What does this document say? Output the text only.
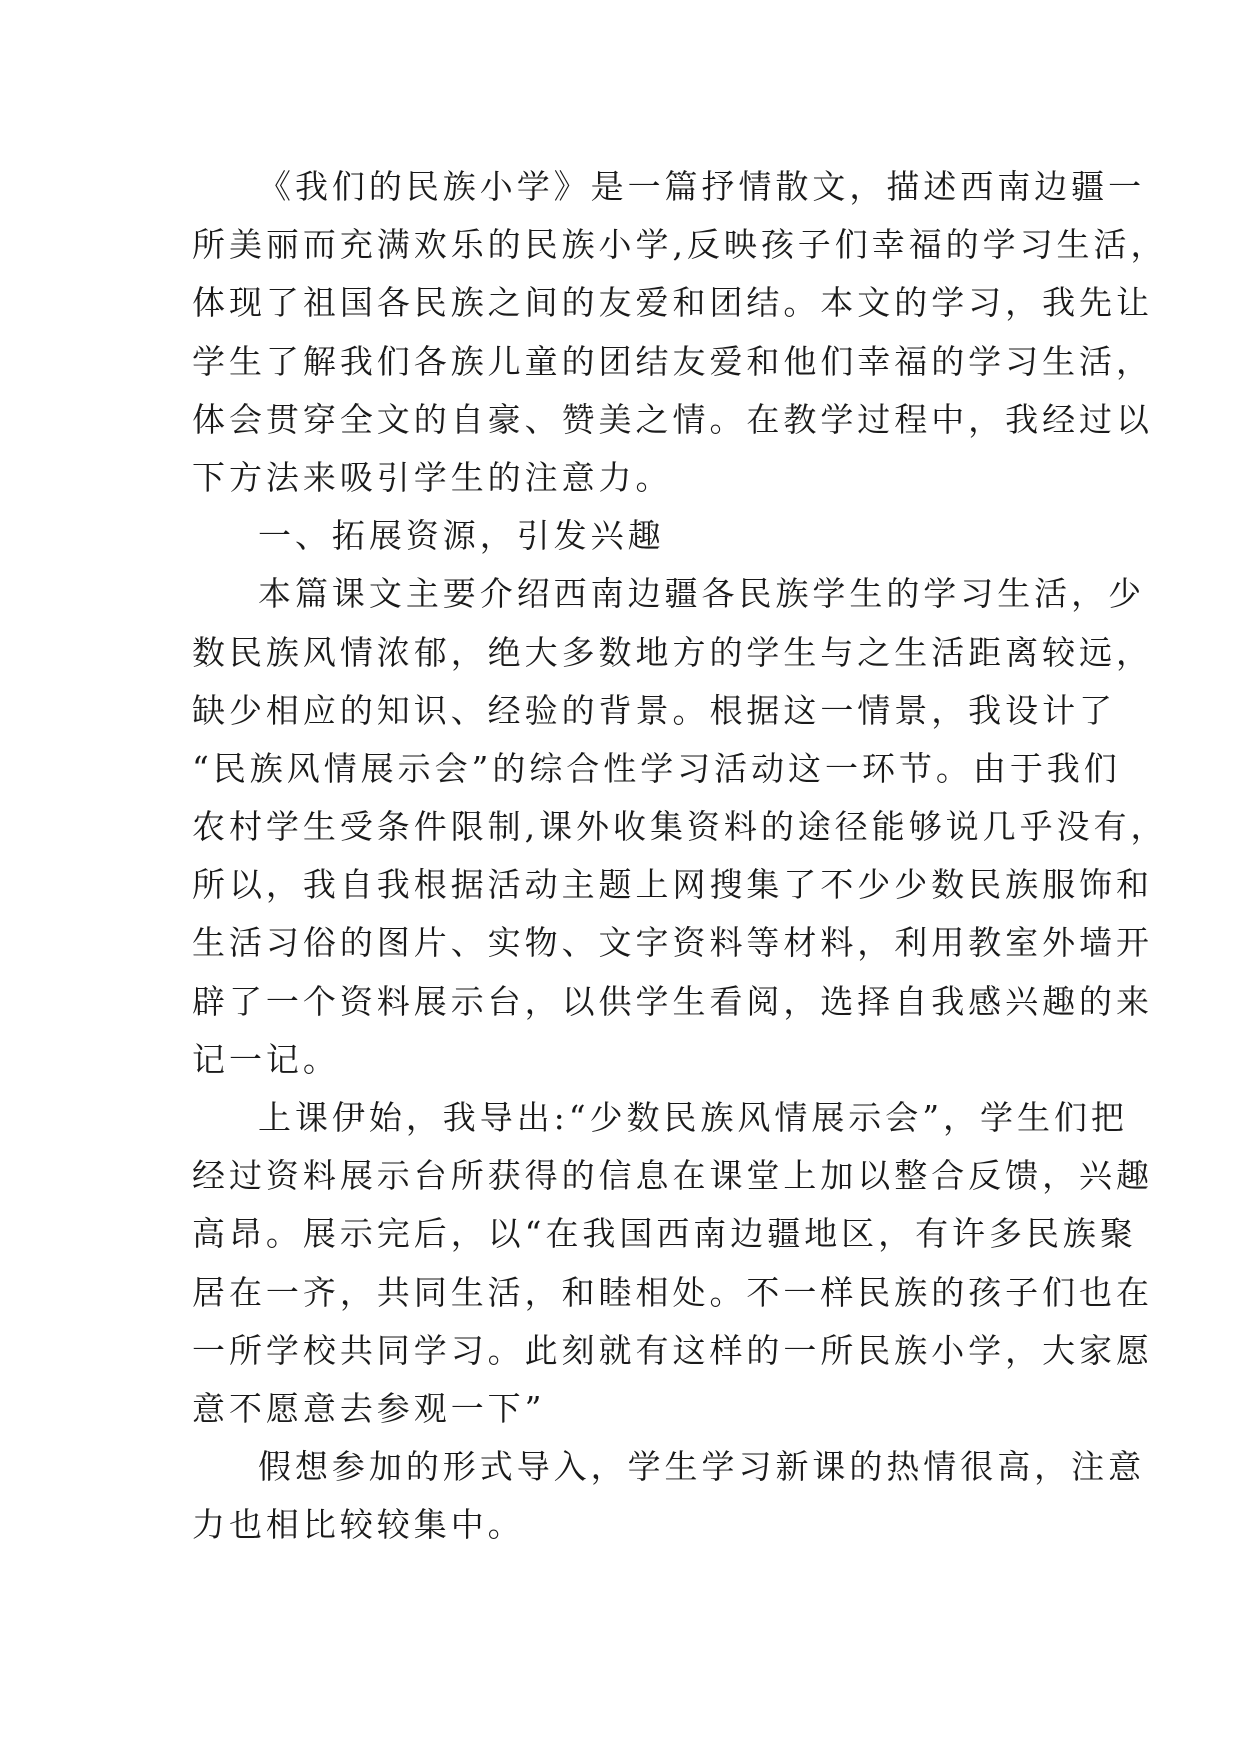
《我们的民族小学》是一篇抒情散文，描述西南边疆一
所美丽而充满欢乐的民族小学,反映孩子们幸福的学习生活，
体现了祖国各民族之间的友爱和团结。本文的学习，我先让
学生了解我们各族儿童的团结友爱和他们幸福的学习生活，
体会贯穿全文的自豪、赞美之情。在教学过程中，我经过以
下方法来吸引学生的注意力。
一、拓展资源，引发兴趣
本篇课文主要介绍西南边疆各民族学生的学习生活，少
数民族风情浓郁，绝大多数地方的学生与之生活距离较远，
缺少相应的知识、经验的背景。根据这一情景，我设计了
“民族风情展示会”的综合性学习活动这一环节。由于我们
农村学生受条件限制,课外收集资料的途径能够说几乎没有，
所以，我自我根据活动主题上网搜集了不少少数民族服饰和
生活习俗的图片、实物、文字资料等材料，利用教室外墙开
辟了一个资料展示台，以供学生看阅，选择自我感兴趣的来
记一记。
上课伊始，我导出:“少数民族风情展示会”，学生们把
经过资料展示台所获得的信息在课堂上加以整合反馈，兴趣
高昂。展示完后，以“在我国西南边疆地区，有许多民族聚
居在一齐，共同生活，和睦相处。不一样民族的孩子们也在
一所学校共同学习。此刻就有这样的一所民族小学，大家愿
意不愿意去参观一下”
假想参加的形式导入，学生学习新课的热情很高，注意
力也相比较较集中。
